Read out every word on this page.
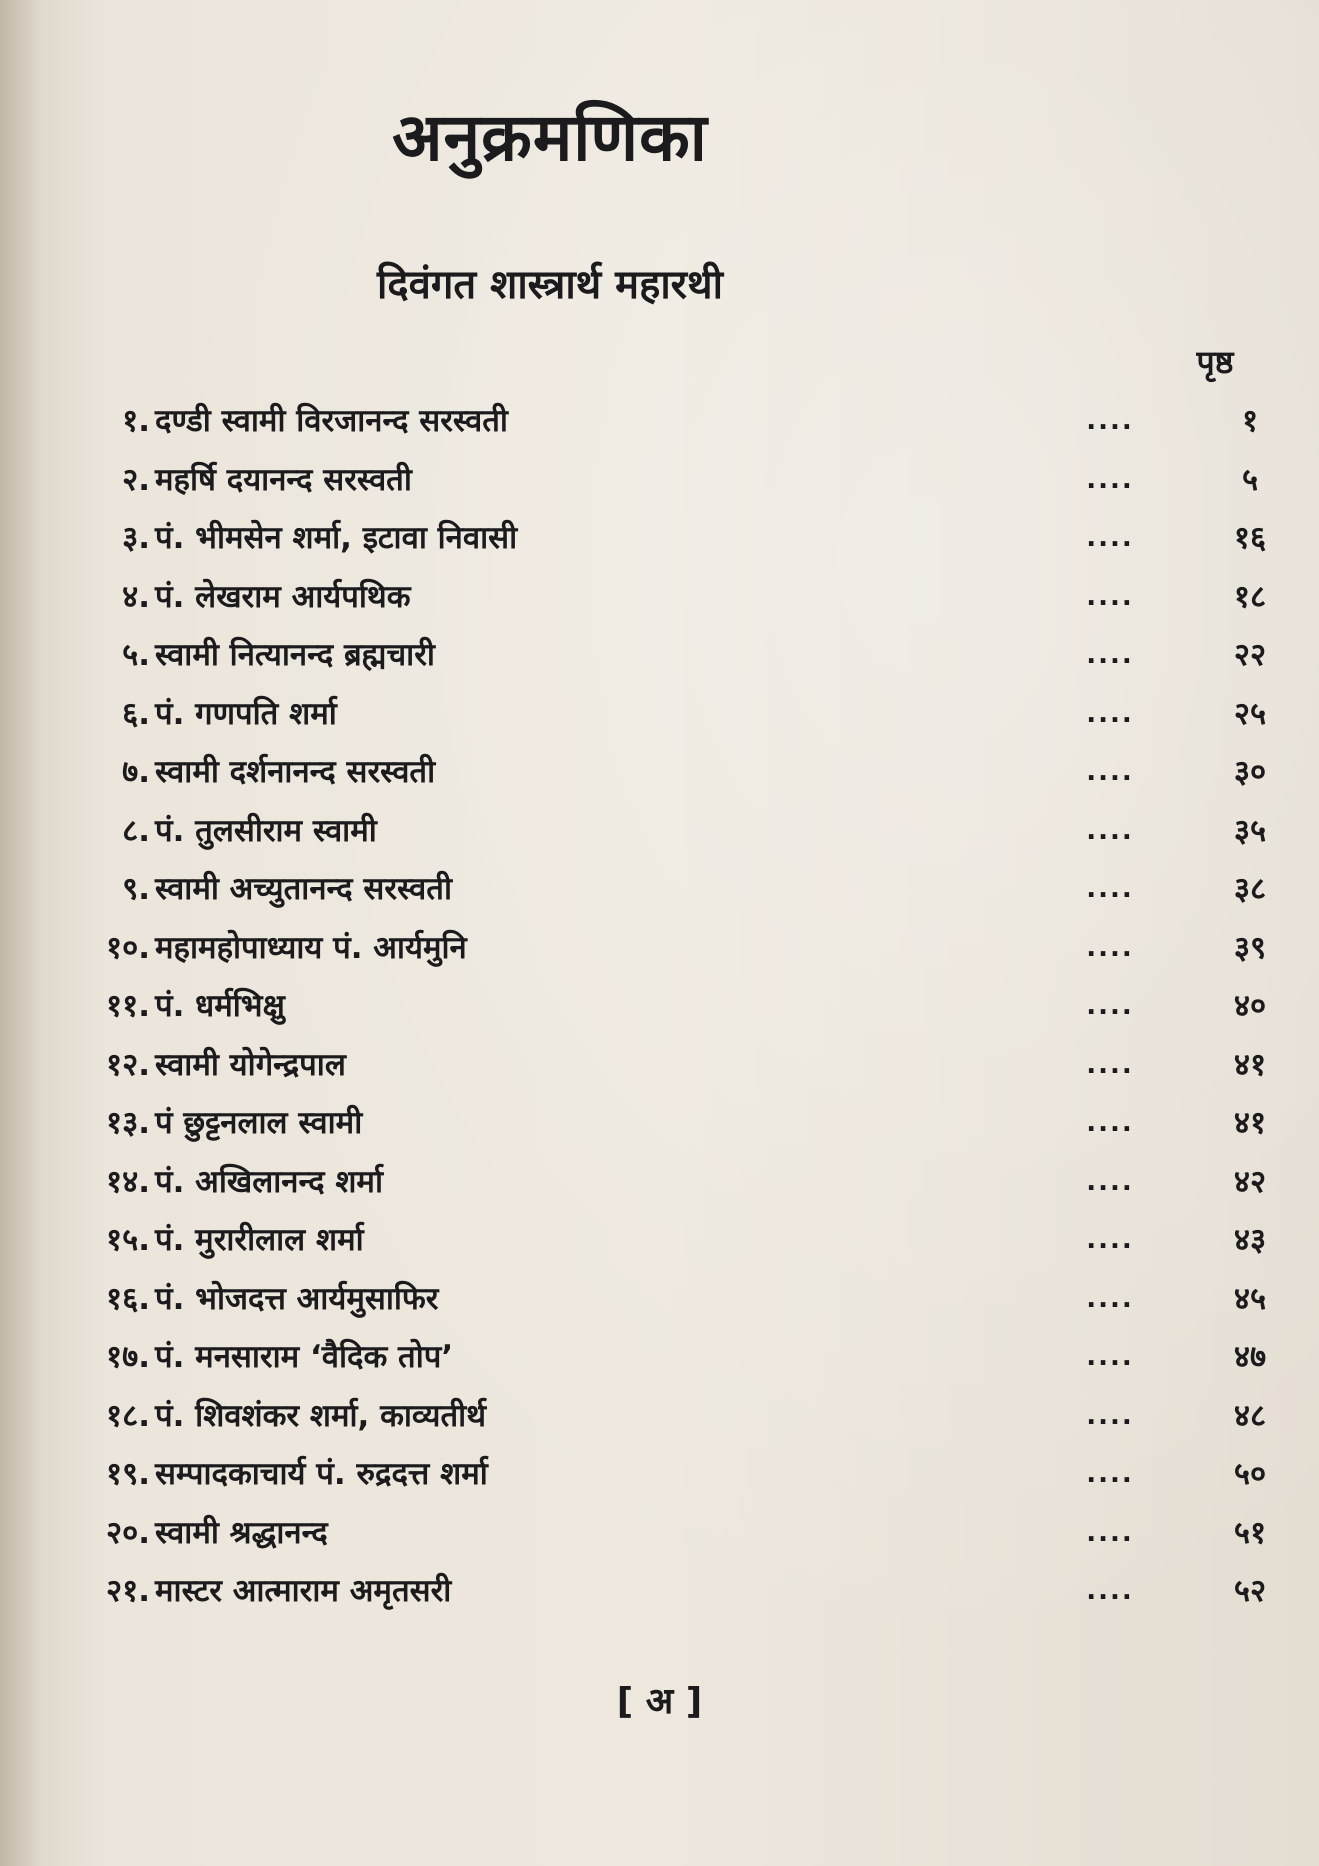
अनुक्रमणिका
दिवंगत शास्त्रार्थ महारथी
पृष्ठ
१. दण्डी स्वामी विरजानन्द सरस्वती	....	१
२. महर्षि दयानन्द सरस्वती	....	५
३. पं. भीमसेन शर्मा, इटावा निवासी	....	१६
४. पं. लेखराम आर्यपथिक	....	१८
५. स्वामी नित्यानन्द ब्रह्मचारी	....	२२
६. पं. गणपति शर्मा	....	२५
७. स्वामी दर्शनानन्द सरस्वती	....	३०
८. पं. तुलसीराम स्वामी	....	३५
९. स्वामी अच्युतानन्द सरस्वती	....	३८
१०. महामहोपाध्याय पं. आर्यमुनि	....	३९
११. पं. धर्मभिक्षु	....	४०
१२. स्वामी योगेन्द्रपाल	....	४१
१३. पं छुट्टनलाल स्वामी	....	४१
१४. पं. अखिलानन्द शर्मा	....	४२
१५. पं. मुरारीलाल शर्मा	....	४३
१६. पं. भोजदत्त आर्यमुसाफिर	....	४५
१७. पं. मनसाराम ‘वैदिक तोप’	....	४७
१८. पं. शिवशंकर शर्मा, काव्यतीर्थ	....	४८
१९. सम्पादकाचार्य पं. रुद्रदत्त शर्मा	....	५०
२०. स्वामी श्रद्धानन्द	....	५१
२१. मास्टर आत्माराम अमृतसरी	....	५२
[ अ ]
